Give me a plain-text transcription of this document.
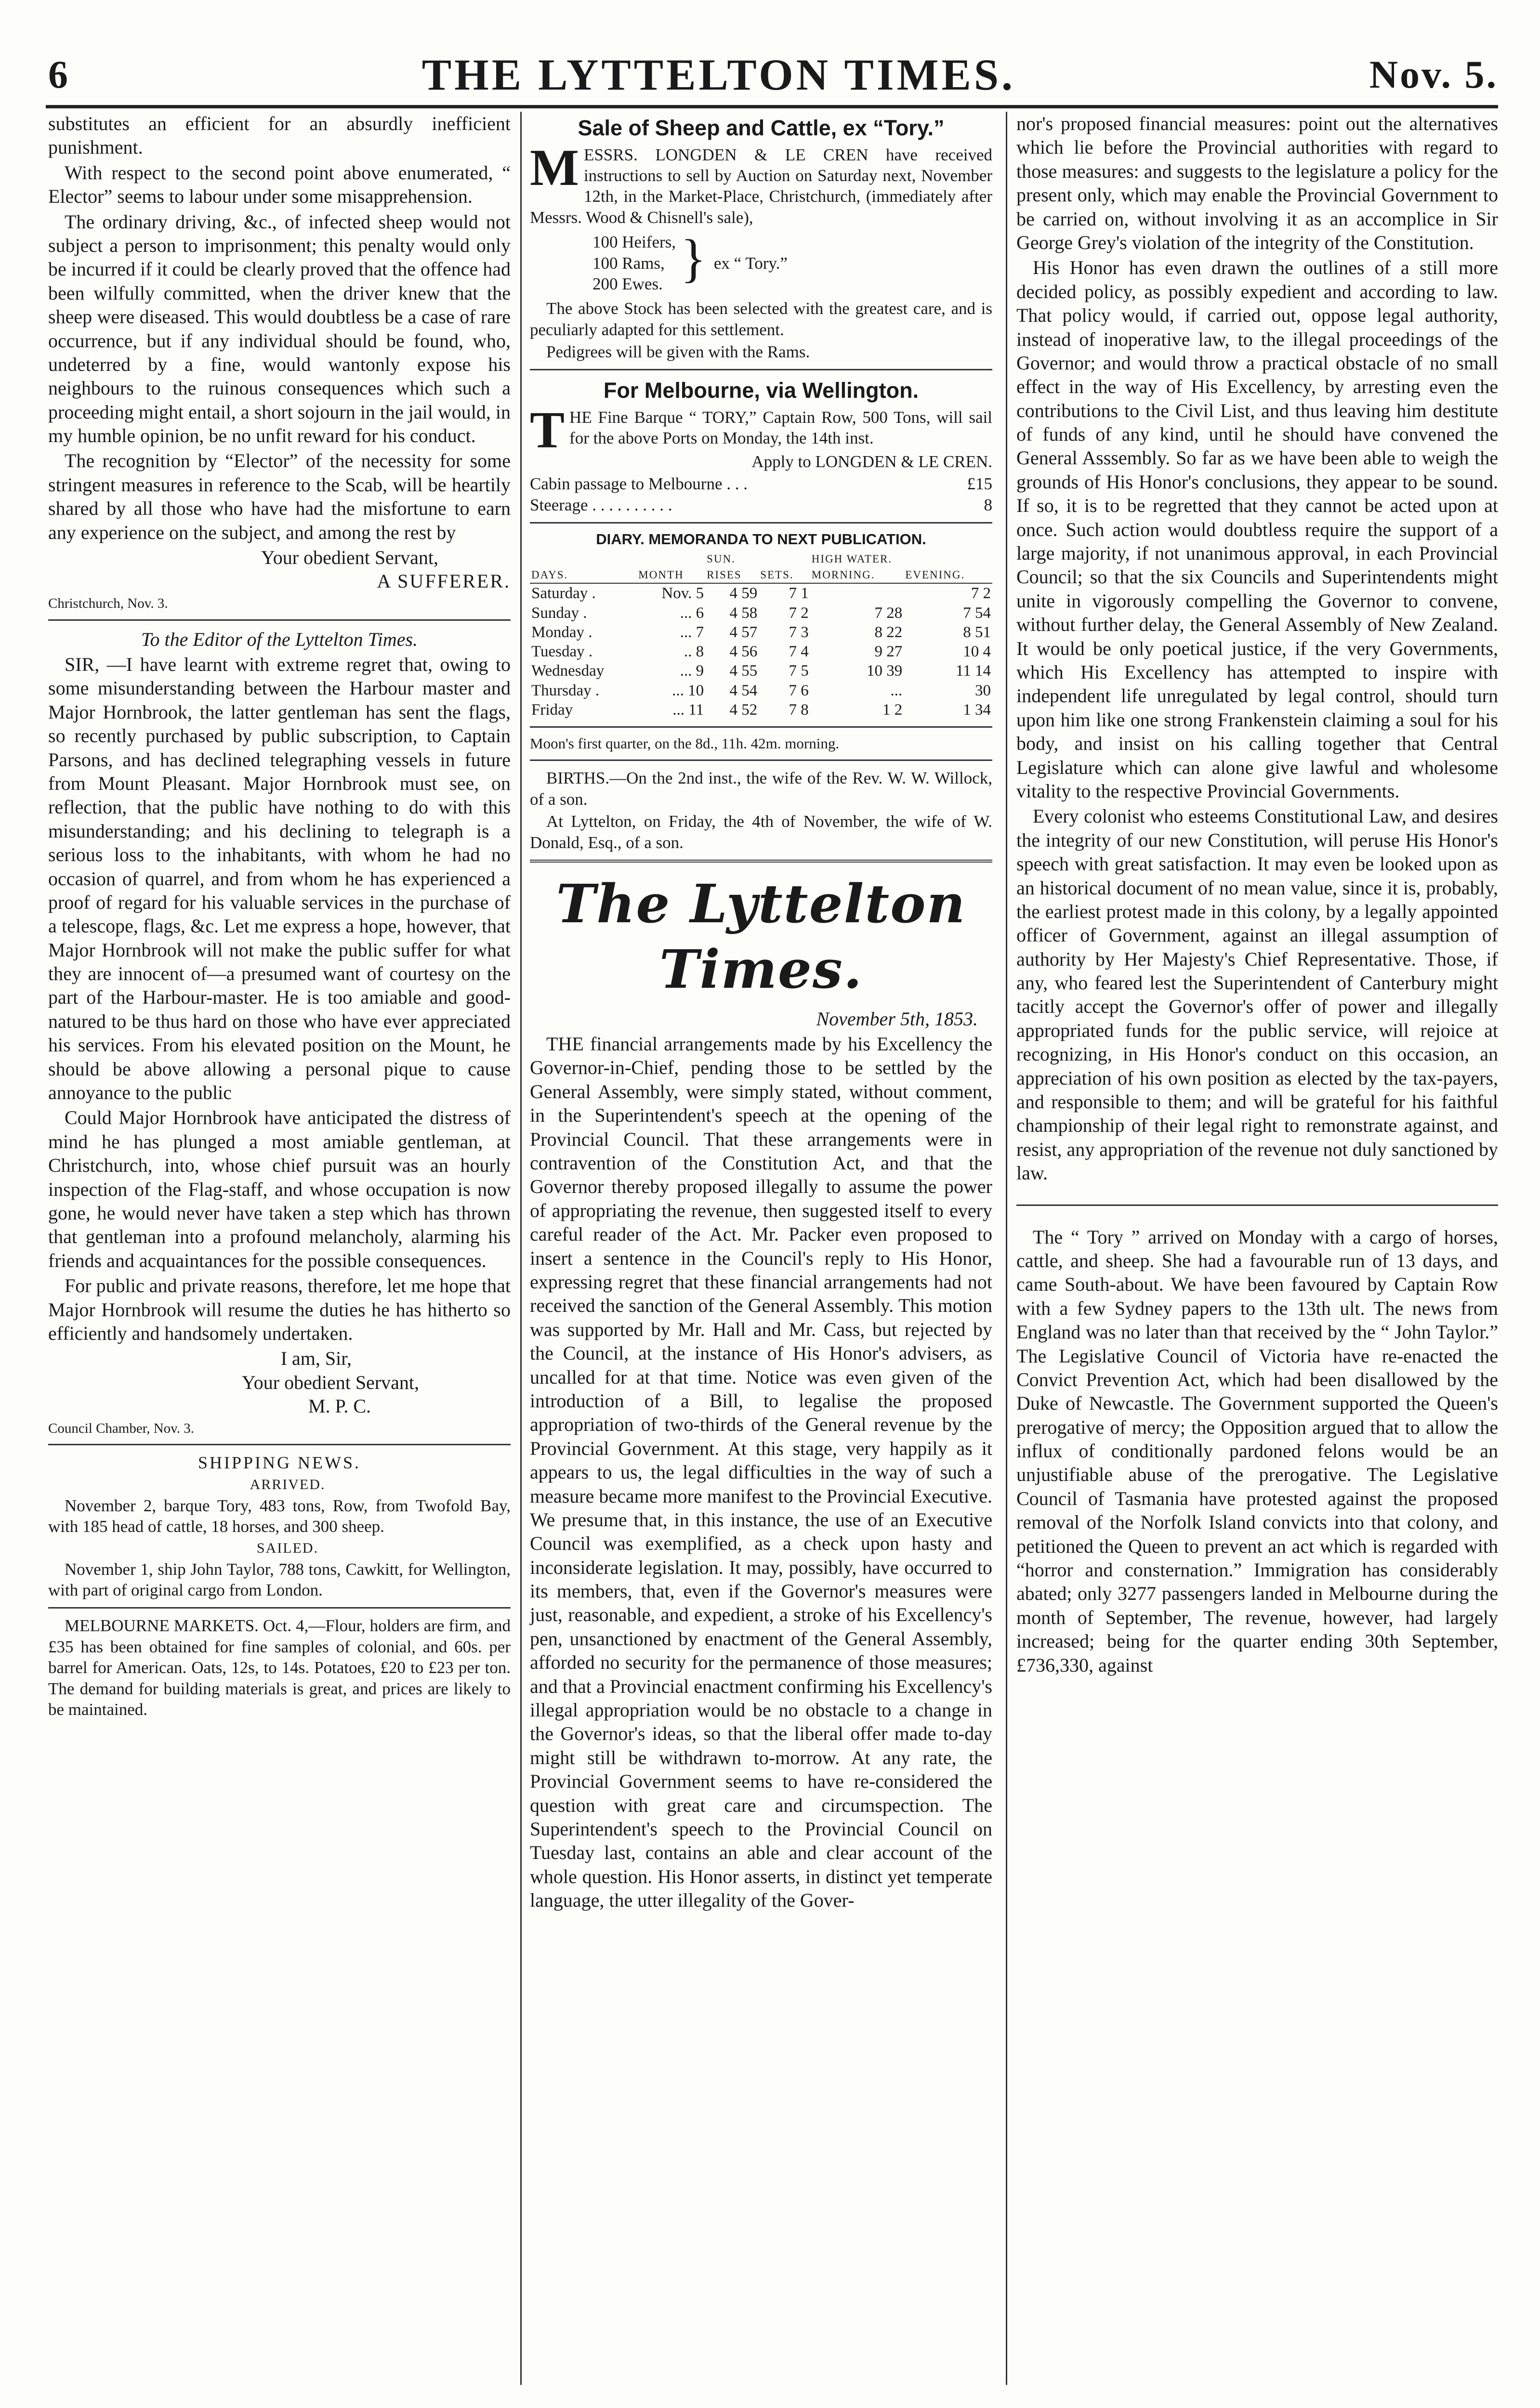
6	THE LYTTELTON TIMES.	Nov. 5.

substitutes an efficient for an absurdly inefficient punishment.

With respect to the second point above enumerated, “ Elector” seems to labour under some misapprehension.

The ordinary driving, &c., of infected sheep would not subject a person to imprisonment; this penalty would only be incurred if it could be clearly proved that the offence had been wilfully committed, when the driver knew that the sheep were diseased. This would doubtless be a case of rare occurrence, but if any individual should be found, who, undeterred by a fine, would wantonly expose his neighbours to the ruinous consequences which such a proceeding might entail, a short sojourn in the jail would, in my humble opinion, be no unfit reward for his conduct.

The recognition by “Elector” of the necessity for some stringent measures in reference to the Scab, will be heartily shared by all those who have had the misfortune to earn any experience on the subject, and among the rest by

Your obedient Servant,

A SUFFERER.

Christchurch, Nov. 3.

To the Editor of the Lyttelton Times.

SIR, —I have learnt with extreme regret that, owing to some misunderstanding between the Harbour master and Major Hornbrook, the latter gentleman has sent the flags, so recently purchased by public subscription, to Captain Parsons, and has declined telegraphing vessels in future from Mount Pleasant. Major Hornbrook must see, on reflection, that the public have nothing to do with this misunderstanding; and his declining to telegraph is a serious loss to the inhabitants, with whom he had no occasion of quarrel, and from whom he has experienced a proof of regard for his valuable services in the purchase of a telescope, flags, &c. Let me express a hope, however, that Major Hornbrook will not make the public suffer for what they are innocent of—a presumed want of courtesy on the part of the Harbour-master. He is too amiable and good-natured to be thus hard on those who have ever appreciated his services. From his elevated position on the Mount, he should be above allowing a personal pique to cause annoyance to the public

Could Major Hornbrook have anticipated the distress of mind he has plunged a most amiable gentleman, at Christchurch, into, whose chief pursuit was an hourly inspection of the Flag-staff, and whose occupation is now gone, he would never have taken a step which has thrown that gentleman into a profound melancholy, alarming his friends and acquaintances for the possible consequences.

For public and private reasons, therefore, let me hope that Major Hornbrook will resume the duties he has hitherto so efficiently and handsomely undertaken.

I am, Sir,

Your obedient Servant,

M. P. C.

Council Chamber, Nov. 3.

SHIPPING NEWS.

ARRIVED.

November 2, barque Tory, 483 tons, Row, from Twofold Bay, with 185 head of cattle, 18 horses, and 300 sheep.

SAILED.

November 1, ship John Taylor, 788 tons, Cawkitt, for Wellington, with part of original cargo from London.

MELBOURNE MARKETS. Oct. 4,—Flour, holders are firm, and £35 has been obtained for fine samples of colonial, and 60s. per barrel for American. Oats, 12s, to 14s. Potatoes, £20 to £23 per ton. The demand for building materials is great, and prices are likely to be maintained.

Sale of Sheep and Cattle, ex “Tory.”
M ESSRS. LONGDEN & LE CREN have received instructions to sell by Auction on Saturday next, November 12th, in the Market-Place, Christchurch, (immediately after Messrs. Wood & Chisnell's sale),
100 Heifers,
100 Rams,
200 Ewes. } ex “ Tory.”

The above Stock has been selected with the greatest care, and is peculiarly adapted for this settlement.

Pedigrees will be given with the Rams.

For Melbourne, via Wellington.
T HE Fine Barque “ TORY,” Captain Row, 500 Tons, will sail for the above Ports on Monday, the 14th inst.

Apply to LONGDEN & LE CREN.

Cabin passage to Melbourne . . .	£15
Steerage . . . . . . . . . .	8
DIARY. MEMORANDA TO NEXT PUBLICATION.
		SUN.		HIGH WATER.	
DAYS.	MONTH	RISES	SETS.	MORNING.	EVENING.
Saturday .	Nov. 5	4 59	7 1		7 2
Sunday .	... 6	4 58	7 2	7 28	7 54
Monday .	... 7	4 57	7 3	8 22	8 51
Tuesday .	.. 8	4 56	7 4	9 27	10 4
Wednesday	... 9	4 55	7 5	10 39	11 14
Thursday .	... 10	4 54	7 6	...	30
Friday	... 11	4 52	7 8	1 2	1 34

Moon's first quarter, on the 8d., 11h. 42m. morning.

BIRTHS.—On the 2nd inst., the wife of the Rev. W. W. Willock, of a son.

At Lyttelton, on Friday, the 4th of November, the wife of W. Donald, Esq., of a son.

The Lyttelton Times.

November 5th, 1853.

THE financial arrangements made by his Excellency the Governor-in-Chief, pending those to be settled by the General Assembly, were simply stated, without comment, in the Superintendent's speech at the opening of the Provincial Council. That these arrangements were in contravention of the Constitution Act, and that the Governor thereby proposed illegally to assume the power of appropriating the revenue, then suggested itself to every careful reader of the Act. Mr. Packer even proposed to insert a sentence in the Council's reply to His Honor, expressing regret that these financial arrangements had not received the sanction of the General Assembly. This motion was supported by Mr. Hall and Mr. Cass, but rejected by the Council, at the instance of His Honor's advisers, as uncalled for at that time. Notice was even given of the introduction of a Bill, to legalise the proposed appropriation of two-thirds of the General revenue by the Provincial Government. At this stage, very happily as it appears to us, the legal difficulties in the way of such a measure became more manifest to the Provincial Executive. We presume that, in this instance, the use of an Executive Council was exemplified, as a check upon hasty and inconsiderate legislation. It may, possibly, have occurred to its members, that, even if the Governor's measures were just, reasonable, and expedient, a stroke of his Excellency's pen, unsanctioned by enactment of the General Assembly, afforded no security for the permanence of those measures; and that a Provincial enactment confirming his Excellency's illegal appropriation would be no obstacle to a change in the Governor's ideas, so that the liberal offer made to-day might still be withdrawn to-morrow. At any rate, the Provincial Government seems to have re-considered the question with great care and circumspection. The Superintendent's speech to the Provincial Council on Tuesday last, contains an able and clear account of the whole question. His Honor asserts, in distinct yet temperate language, the utter illegality of the Gover-

nor's proposed financial measures: point out the alternatives which lie before the Provincial authorities with regard to those measures: and suggests to the legislature a policy for the present only, which may enable the Provincial Government to be carried on, without involving it as an accomplice in Sir George Grey's violation of the integrity of the Constitution.

His Honor has even drawn the outlines of a still more decided policy, as possibly expedient and according to law. That policy would, if carried out, oppose legal authority, instead of inoperative law, to the illegal proceedings of the Governor; and would throw a practical obstacle of no small effect in the way of His Excellency, by arresting even the contributions to the Civil List, and thus leaving him destitute of funds of any kind, until he should have convened the General Asssembly. So far as we have been able to weigh the grounds of His Honor's conclusions, they appear to be sound. If so, it is to be regretted that they cannot be acted upon at once. Such action would doubtless require the support of a large majority, if not unanimous approval, in each Provincial Council; so that the six Councils and Superintendents might unite in vigorously compelling the Governor to convene, without further delay, the General Assembly of New Zealand. It would be only poetical justice, if the very Governments, which His Excellency has attempted to inspire with independent life unregulated by legal control, should turn upon him like one strong Frankenstein claiming a soul for his body, and insist on his calling together that Central Legislature which can alone give lawful and wholesome vitality to the respective Provincial Governments.

Every colonist who esteems Constitutional Law, and desires the integrity of our new Constitution, will peruse His Honor's speech with great satisfaction. It may even be looked upon as an historical document of no mean value, since it is, probably, the earliest protest made in this colony, by a legally appointed officer of Government, against an illegal assumption of authority by Her Majesty's Chief Representative. Those, if any, who feared lest the Superintendent of Canterbury might tacitly accept the Governor's offer of power and illegally appropriated funds for the public service, will rejoice at recognizing, in His Honor's conduct on this occasion, an appreciation of his own position as elected by the tax-payers, and responsible to them; and will be grateful for his faithful championship of their legal right to remonstrate against, and resist, any appropriation of the revenue not duly sanctioned by law.

The “ Tory ” arrived on Monday with a cargo of horses, cattle, and sheep. She had a favourable run of 13 days, and came South-about. We have been favoured by Captain Row with a few Sydney papers to the 13th ult. The news from England was no later than that received by the “ John Taylor.” The Legislative Council of Victoria have re-enacted the Convict Prevention Act, which had been disallowed by the Duke of Newcastle. The Government supported the Queen's prerogative of mercy; the Opposition argued that to allow the influx of conditionally pardoned felons would be an unjustifiable abuse of the prerogative. The Legislative Council of Tasmania have protested against the proposed removal of the Norfolk Island convicts into that colony, and petitioned the Queen to prevent an act which is regarded with “horror and consternation.” Immigration has considerably abated; only 3277 passengers landed in Melbourne during the month of September, The revenue, however, had largely increased; being for the quarter ending 30th September, £736,330, against
